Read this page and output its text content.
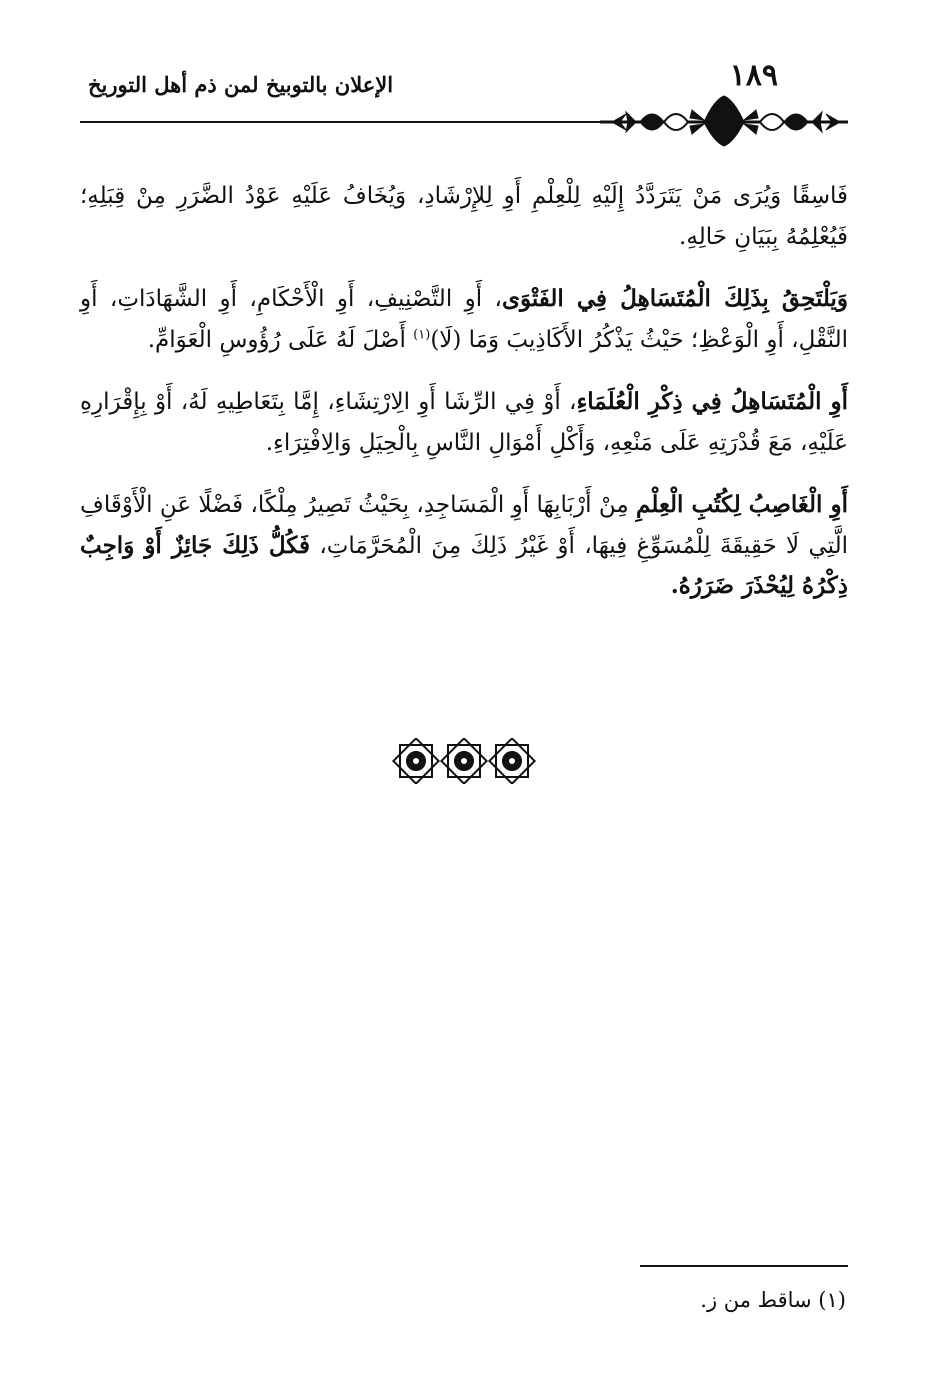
١٨٩
الإعلان بالتوبيخ لمن ذم أهل التوريخ

فَاسِقًا وَيُرَى مَنْ يَتَرَدَّدُ إِلَيْهِ لِلْعِلْمِ أَوِ لِلإِرْشَادِ، وَيُخَافُ عَلَيْهِ عَوْدُ الضَّرَرِ مِنْ قِبَلِهِ؛ فَيُعْلِمُهُ بِبَيَانِ حَالِهِ.

وَيَلْتَحِقُ بِذَلِكَ الْمُتَسَاهِلُ فِي الفَتْوَى، أَوِ التَّصْنِيفِ، أَوِ الْأَحْكَامِ، أَوِ الشَّهَادَاتِ، أَوِ النَّقْلِ، أَوِ الْوَعْظِ؛ حَيْثُ يَذْكُرُ الأَكَاذِيبَ وَمَا (لَا)$^{(١)}$ أَصْلَ لَهُ عَلَى رُؤُوسِ الْعَوَامِّ.

أَوِ الْمُتَسَاهِلُ فِي ذِكْرِ الْعُلَمَاءِ، أَوْ فِي الرِّشَا أَوِ الِارْتِشَاءِ، إِمَّا بِتَعَاطِيهِ لَهُ، أَوْ بِإِقْرَارِهِ عَلَيْهِ، مَعَ قُدْرَتِهِ عَلَى مَنْعِهِ، وَأَكْلِ أَمْوَالِ النَّاسِ بِالْحِيَلِ وَالِافْتِرَاءِ.

أَوِ الْغَاصِبُ لِكُتُبِ الْعِلْمِ مِنْ أَرْبَابِهَا أَوِ الْمَسَاجِدِ، بِحَيْثُ تَصِيرُ مِلْكًا، فَضْلًا عَنِ الْأَوْقَافِ الَّتِي لَا حَقِيقَةَ لِلْمُسَوِّغِ فِيهَا، أَوْ غَيْرُ ذَلِكَ مِنَ الْمُحَرَّمَاتِ، فَكُلُّ ذَلِكَ جَائِزٌ أَوْ وَاجِبٌ ذِكْرُهُ لِيُحْذَرَ ضَرَرُهُ.

(١) ساقط من ز.
